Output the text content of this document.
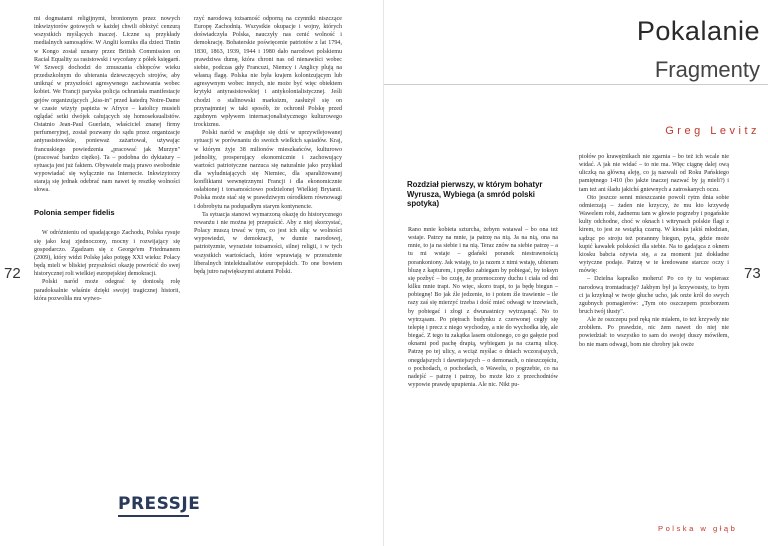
72	73

mi dogmatami religijnymi, bronionym przez nowych inkwizytorów gotowych w każdej chwili obłożyć cenzurą wszystkich myślących inaczej. Liczne są przykłady medialnych samosądów. W Anglii komiks dla dzieci Tintin w Kongo został uznany przez British Commission on Racial Equality za rasistowski i wycofany z półek księgarń. W Szwecji dochodzi do zmuszania chłopców wieku przedszkolnym do ubierania dziewczęcych strojów, aby uniknąć w przyszłości agresywnego zachowania wobec kobiet. We Francji paryska policja ochraniała manifestacje gejów organizujących „kiss-in" przed katedrą Notre-Dame w czasie wizyty papieża w Afryce – katolicy musieli oglądać setki dwójek całujących się homoseksualistów. Ostatnio Jean-Paul Guerlain, właściciel znanej firmy perfumeryjnej, został pozwany do sądu przez organizacje antyrasistowskie, ponieważ zażartował, używając francuskiego powiedzenia „pracować jak Murzyn" (pracować bardzo ciężko). Ta – podobna do dyktatury – sytuacja jest już faktem. Obywatele mają prawo swobodnie wypowiadać się wyłącznie na Internecie. Inkwizytorzy starają się jednak odebrać nam nawet tę resztkę wolności słowa.

Polonia semper fidelis

W odróżnieniu od upadającego Zachodu, Polska rysuje się jako kraj zjednoczony, mocny i rozwijający się gospodarczo. Zgadzam się z George'em Friedmanem (2009), który widzi Polskę jako potęgę XXI wieku: Polacy będą mieli w bliskiej przyszłości okazję powrócić do swej historycznej roli wielkiej europejskiej demokracji.

Polski naród może odegrać tę doniosłą rolę paradoksalnie właśnie dzięki swojej tragicznej historii, która pozwoliła mu wytwo-

rzyć narodową tożsamość odporną na czynniki niszczące Europę Zachodnią. Wszystkie okupacje i wojny, których doświadczyła Polska, nauczyły nas cenić wolność i demokrację. Bohaterskie poświęcenie patriotów z lat 1794, 1830, 1863, 1939, 1944 i 1980 dało narodowi polskiemu prawdziwa dumę, która chroni nas od nienawiści wobec siebie, podczas gdy Francuzi, Niemcy i Anglicy plują na własną flagę. Polska nie była krajem kolonizującym lub agresywnym wobec innych, nie może być więc obiektem krytyki antyrasistowskiej i antykolonialistycznej. Jeśli chodzi o stalinowski marksizm, zasłużył się on przynajmniej w taki sposób, że ochronił Polskę przed zgubnym wpływem internacjonalistycznego kulturowego trockizmu.

Polski naród w znajduje się dziś w uprzywilejowanej sytuacji w porównaniu do swoich wielkich sąsiadów. Kraj, w którym żyje 38 milionów mieszkańców, kulturowo jednolity, prosperujący ekonomicznie i zachowujący wartości patriotyczne narzuca się naturalnie jako przykład dla wyludniających się Niemiec, dla sparaliżowanej konfliktami wewnętrznymi Francji i dla ekonomicznie osłabionej i torsamościowo podzielonej Wielkiej Brytanii. Polska może stać się w prawdziwym ośrodkiem równowagi i dobrobytu na podupadłym starym kontynencie.

Ta sytuacja stanowi wymarzoną okazję do historycznego rewanżu i nie można jej przepuścić. Aby z niej skorzystać, Polacy muszą trwać w tym, co jest ich siłą: w wolności wypowiedzi, w demokracji, w dumie narodowej, patriotyzmie, wyraziste tożsamości, silnej religii, i w tych wszystkich wartościach, które wprawiają w przerażenie liberalnych intelektualistów europejskich. To one bowiem będą jutro największymi atutami Polski.

PRESSJE
Pokalanie
Fragmenty
Greg Levitz
Rozdział pierwszy, w którym bohatyr Wyrusza, Wybiega (a smród polski spotyka)

Rano mnie kobieta szturcha, żebym wstawał – bo ona też wstaje. Patrzy na mnie, ja patrzę na nią. Ja na nią, ona na mnie, to ja na siebie i na nią. Teraz znów na siebie patrzę – a tu mi wstaje – gdański poranek niestrawnością porankoniony. Jak wstaję, to ja razem z nimi wstaję, ubieram bluzę z kapturem, i prędko zabiegam by pobiegać, by toksyn się pozbyć – bo czuję, że przemoczony duchu i ciała od dni kilku mnie trapi. No więc, skoro trapi, to ja będę biegun – pobiegnę! Bo jak źle jedzenie, to i potem źle trawienie – ile razy zaś się mierzyć trzeba i dość mieć odwagi w trzewiach, by pobiegać i złogi z dwunastnicy wytrząsnąć. No to wytrząsam. Po piętrach budynku z czerwonej cegły się telepię i precz z niego wychodzę, a nie do wychodka idę, ale biegać. Z tego tu zakątka lasem otulonego, co go gałęzie pod oknami pod pachę drapią, wybiegam ja na czarną ulicę. Patrzę po tej ulicy, a wciąż myślac o dniach wczorajszych, onegdajszych i dawniejszych – o demonach, o nieszczęściu, o pochodach, o pochodach, o Wawelu, o pogrzebie, co na nadejść – patrzę i patrzę, bo może kto z przechodniów wypowie prawdę upupienia. Ale nic. Nikt pu-

piołów po krawężnikach nie zgarnia – bo też ich wcale nie widać. A jak nie widać – to nie ma. Więc ciągnę dalej ową uliczką na główną aleję, co ją nazwali od Roku Pańskiego pamiętnego 1410 (bo jakże inaczej nazwać by ją mieli?) i tam też ani śladu jakichś gniewnych a zatroskanych oczu.

Oto jeszcze senni mieszczanie powoli rytm dnia sobie odmierzają – żaden nie krzyczy, że mu kto krzywdę Wawelem robi, żadnemu tam w głowie pogrzeby i pogańskie kulty odchodne, choć w oknach i witrynach polskie flagi z kirem, to jest ze wstążką czarną. W kiosku jakiś młodzian, sądząc po stroju też porannny biegun, pyta, gdzie może kupić kawałek polskości dla siebie. Na to gadająca z oknem kiosku babcia ożywia się, a za moment już dokładne wytyczne podaje. Patrzę w te kredowane starcze oczy i mówię:

– Dzielna kapralko moheru! Po co ty tu wspierasz narodową tromtadrację? Jakbym był ja krzywousty, to bym ci ja krzyknął w twoje głuche ucho, jak onże król do swych zgubnych pomagierów: „Tym oto oszczepem przeborzem bruch twój tłusty".

Ale że oszczepu pod ręką nie miałem, to też krzywdy nie zrobiłem. Po prawdzie, nic żem nawet do niej nie powiedział: to wszystko to sam do swojej duszy mówiłem, bo nie mam odwagi, bom nie chrobry jak owże

Polska w głąb
